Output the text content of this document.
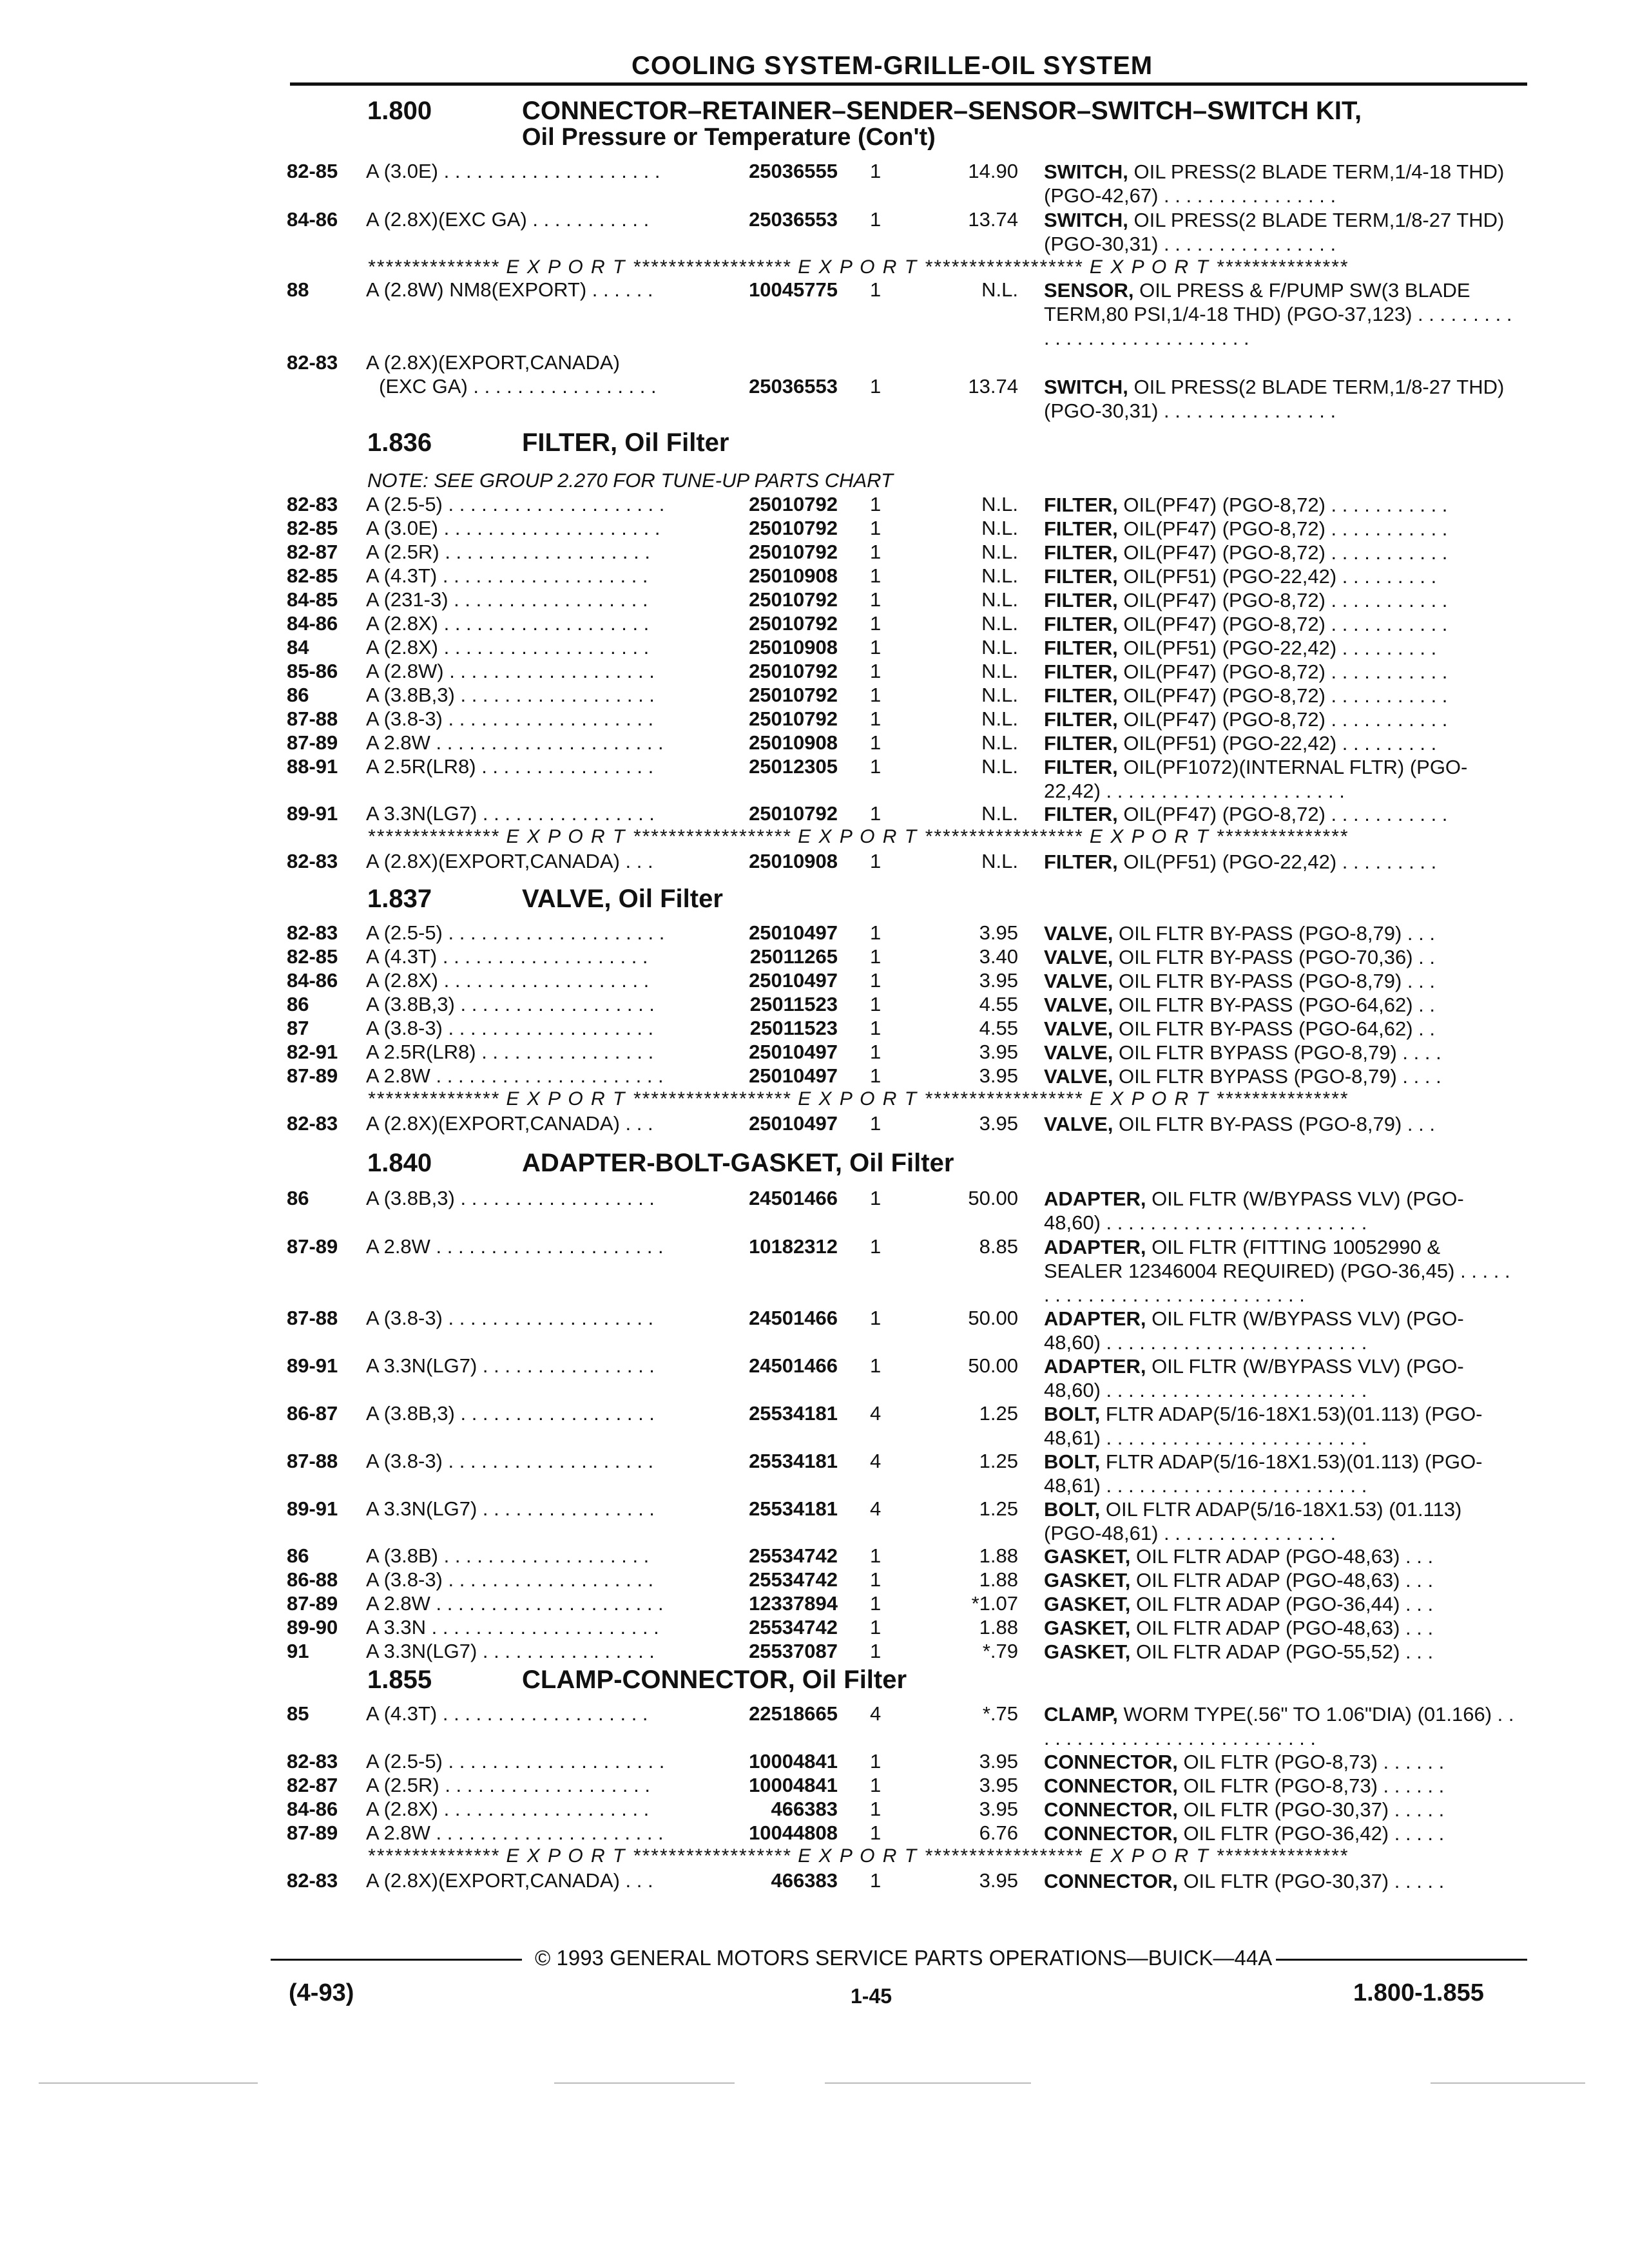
COOLING SYSTEM-GRILLE-OIL SYSTEM
1.800	CONNECTOR–RETAINER–SENDER–SENSOR–SWITCH–SWITCH KIT,
Oil Pressure or Temperature (Con't)
82-85 A (3.0E) . . . . . . . . . . . . . . . . . . . .	25036555 1	14.90 SWITCH, OIL PRESS(2 BLADE TERM,1/4-18 THD) (PGO-42,67) . . . . . . . . . . . . . . . .
84-86 A (2.8X)(EXC GA) . . . . . . . . . . .	25036553 1	13.74 SWITCH, OIL PRESS(2 BLADE TERM,1/8-27 THD) (PGO-30,31) . . . . . . . . . . . . . . . .
*************** E X P O R T ****************** E X P O R T ****************** E X P O R T ***************
88	A (2.8W) NM8(EXPORT) . . . . . .	10045775 1	N.L. SENSOR, OIL PRESS & F/PUMP SW(3 BLADE TERM,80 PSI,1/4-18 THD) (PGO-37,123) . . . . . . . . . . . . . . . . . . . . . . . . . . . .
82-83 A (2.8X)(EXPORT,CANADA)
(EXC GA) . . . . . . . . . . . . . . . . .	25036553 1	13.74 SWITCH, OIL PRESS(2 BLADE TERM,1/8-27 THD) (PGO-30,31) . . . . . . . . . . . . . . . .
1.836	FILTER, Oil Filter
NOTE: SEE GROUP 2.270 FOR TUNE-UP PARTS CHART
82-83 A (2.5-5) . . . . . . . . . . . . . . . . . . . .	25010792 1	N.L. FILTER, OIL(PF47) (PGO-8,72) . . . . . . . . . . .
82-85 A (3.0E) . . . . . . . . . . . . . . . . . . . .	25010792 1	N.L. FILTER, OIL(PF47) (PGO-8,72) . . . . . . . . . . .
82-87 A (2.5R) . . . . . . . . . . . . . . . . . . .	25010792 1	N.L. FILTER, OIL(PF47) (PGO-8,72) . . . . . . . . . . .
82-85 A (4.3T) . . . . . . . . . . . . . . . . . . .	25010908 1	N.L. FILTER, OIL(PF51) (PGO-22,42) . . . . . . . . .
84-85 A (231-3) . . . . . . . . . . . . . . . . . .	25010792 1	N.L. FILTER, OIL(PF47) (PGO-8,72) . . . . . . . . . . .
84-86 A (2.8X) . . . . . . . . . . . . . . . . . . .	25010792 1	N.L. FILTER, OIL(PF47) (PGO-8,72) . . . . . . . . . . .
84	A (2.8X) . . . . . . . . . . . . . . . . . . .	25010908 1	N.L. FILTER, OIL(PF51) (PGO-22,42) . . . . . . . . .
85-86 A (2.8W) . . . . . . . . . . . . . . . . . . .	25010792 1	N.L. FILTER, OIL(PF47) (PGO-8,72) . . . . . . . . . . .
86	A (3.8B,3) . . . . . . . . . . . . . . . . . .	25010792 1	N.L. FILTER, OIL(PF47) (PGO-8,72) . . . . . . . . . . .
87-88 A (3.8-3) . . . . . . . . . . . . . . . . . . .	25010792 1	N.L. FILTER, OIL(PF47) (PGO-8,72) . . . . . . . . . . .
87-89 A 2.8W . . . . . . . . . . . . . . . . . . . . .	25010908 1	N.L. FILTER, OIL(PF51) (PGO-22,42) . . . . . . . . .
88-91 A 2.5R(LR8) . . . . . . . . . . . . . . . .	25012305 1	N.L. FILTER, OIL(PF1072)(INTERNAL FLTR) (PGO-22,42) . . . . . . . . . . . . . . . . . . . . . .
89-91 A 3.3N(LG7) . . . . . . . . . . . . . . . .	25010792 1	N.L. FILTER, OIL(PF47) (PGO-8,72) . . . . . . . . . . .
*************** E X P O R T ****************** E X P O R T ****************** E X P O R T ***************
82-83 A (2.8X)(EXPORT,CANADA) . . .	25010908 1	N.L. FILTER, OIL(PF51) (PGO-22,42) . . . . . . . . .
1.837	VALVE, Oil Filter
82-83 A (2.5-5) . . . . . . . . . . . . . . . . . . . .	25010497 1	3.95 VALVE, OIL FLTR BY-PASS (PGO-8,79) . . .
82-85 A (4.3T) . . . . . . . . . . . . . . . . . . .	25011265 1	3.40 VALVE, OIL FLTR BY-PASS (PGO-70,36) . .
84-86 A (2.8X) . . . . . . . . . . . . . . . . . . .	25010497 1	3.95 VALVE, OIL FLTR BY-PASS (PGO-8,79) . . .
86	A (3.8B,3) . . . . . . . . . . . . . . . . . .	25011523 1	4.55 VALVE, OIL FLTR BY-PASS (PGO-64,62) . .
87	A (3.8-3) . . . . . . . . . . . . . . . . . . .	25011523 1	4.55 VALVE, OIL FLTR BY-PASS (PGO-64,62) . .
82-91 A 2.5R(LR8) . . . . . . . . . . . . . . . .	25010497 1	3.95 VALVE, OIL FLTR BYPASS (PGO-8,79) . . . .
87-89 A 2.8W . . . . . . . . . . . . . . . . . . . . .	25010497 1	3.95 VALVE, OIL FLTR BYPASS (PGO-8,79) . . . .
*************** E X P O R T ****************** E X P O R T ****************** E X P O R T ***************
82-83 A (2.8X)(EXPORT,CANADA) . . .	25010497 1	3.95 VALVE, OIL FLTR BY-PASS (PGO-8,79) . . .
1.840	ADAPTER-BOLT-GASKET, Oil Filter
86	A (3.8B,3) . . . . . . . . . . . . . . . . . .	24501466 1	50.00 ADAPTER, OIL FLTR (W/BYPASS VLV) (PGO-48,60) . . . . . . . . . . . . . . . . . . . . . . . .
87-89 A 2.8W . . . . . . . . . . . . . . . . . . . . .	10182312 1	8.85 ADAPTER, OIL FLTR (FITTING 10052990 & SEALER 12346004 REQUIRED) (PGO-36,45) . . . . . . . . . . . . . . . . . . . . . . . . . . . . .
87-88 A (3.8-3) . . . . . . . . . . . . . . . . . . .	24501466 1	50.00 ADAPTER, OIL FLTR (W/BYPASS VLV) (PGO-48,60) . . . . . . . . . . . . . . . . . . . . . . . .
89-91 A 3.3N(LG7) . . . . . . . . . . . . . . . .	24501466 1	50.00 ADAPTER, OIL FLTR (W/BYPASS VLV) (PGO-48,60) . . . . . . . . . . . . . . . . . . . . . . . .
86-87 A (3.8B,3) . . . . . . . . . . . . . . . . . .	25534181 4	1.25 BOLT, FLTR ADAP(5/16-18X1.53)(01.113) (PGO-48,61) . . . . . . . . . . . . . . . . . . . . . . . .
87-88 A (3.8-3) . . . . . . . . . . . . . . . . . . .	25534181 4	1.25 BOLT, FLTR ADAP(5/16-18X1.53)(01.113) (PGO-48,61) . . . . . . . . . . . . . . . . . . . . . . . .
89-91 A 3.3N(LG7) . . . . . . . . . . . . . . . .	25534181 4	1.25 BOLT, OIL FLTR ADAP(5/16-18X1.53) (01.113) (PGO-48,61) . . . . . . . . . . . . . . . .
86	A (3.8B) . . . . . . . . . . . . . . . . . . .	25534742 1	1.88 GASKET, OIL FLTR ADAP (PGO-48,63) . . .
86-88 A (3.8-3) . . . . . . . . . . . . . . . . . . .	25534742 1	1.88 GASKET, OIL FLTR ADAP (PGO-48,63) . . .
87-89 A 2.8W . . . . . . . . . . . . . . . . . . . . .	12337894 1	*1.07 GASKET, OIL FLTR ADAP (PGO-36,44) . . .
89-90 A 3.3N . . . . . . . . . . . . . . . . . . . . .	25534742 1	1.88 GASKET, OIL FLTR ADAP (PGO-48,63) . . .
91	A 3.3N(LG7) . . . . . . . . . . . . . . . .	25537087 1	*.79 GASKET, OIL FLTR ADAP (PGO-55,52) . . .
1.855	CLAMP-CONNECTOR, Oil Filter
85	A (4.3T) . . . . . . . . . . . . . . . . . . .	22518665 4	*.75 CLAMP, WORM TYPE(.56" TO 1.06"DIA) (01.166) . . . . . . . . . . . . . . . . . . . . . . . . . . .
82-83 A (2.5-5) . . . . . . . . . . . . . . . . . . . .	10004841 1	3.95 CONNECTOR, OIL FLTR (PGO-8,73) . . . . . .
82-87 A (2.5R) . . . . . . . . . . . . . . . . . . .	10004841 1	3.95 CONNECTOR, OIL FLTR (PGO-8,73) . . . . . .
84-86 A (2.8X) . . . . . . . . . . . . . . . . . . .	466383 1	3.95 CONNECTOR, OIL FLTR (PGO-30,37) . . . . .
87-89 A 2.8W . . . . . . . . . . . . . . . . . . . . .	10044808 1	6.76 CONNECTOR, OIL FLTR (PGO-36,42) . . . . .
*************** E X P O R T ****************** E X P O R T ****************** E X P O R T ***************
82-83 A (2.8X)(EXPORT,CANADA) . . .	466383 1	3.95 CONNECTOR, OIL FLTR (PGO-30,37) . . . . .
© 1993 GENERAL MOTORS SERVICE PARTS OPERATIONS—BUICK—44A
(4-93)	1-45	1.800-1.855
